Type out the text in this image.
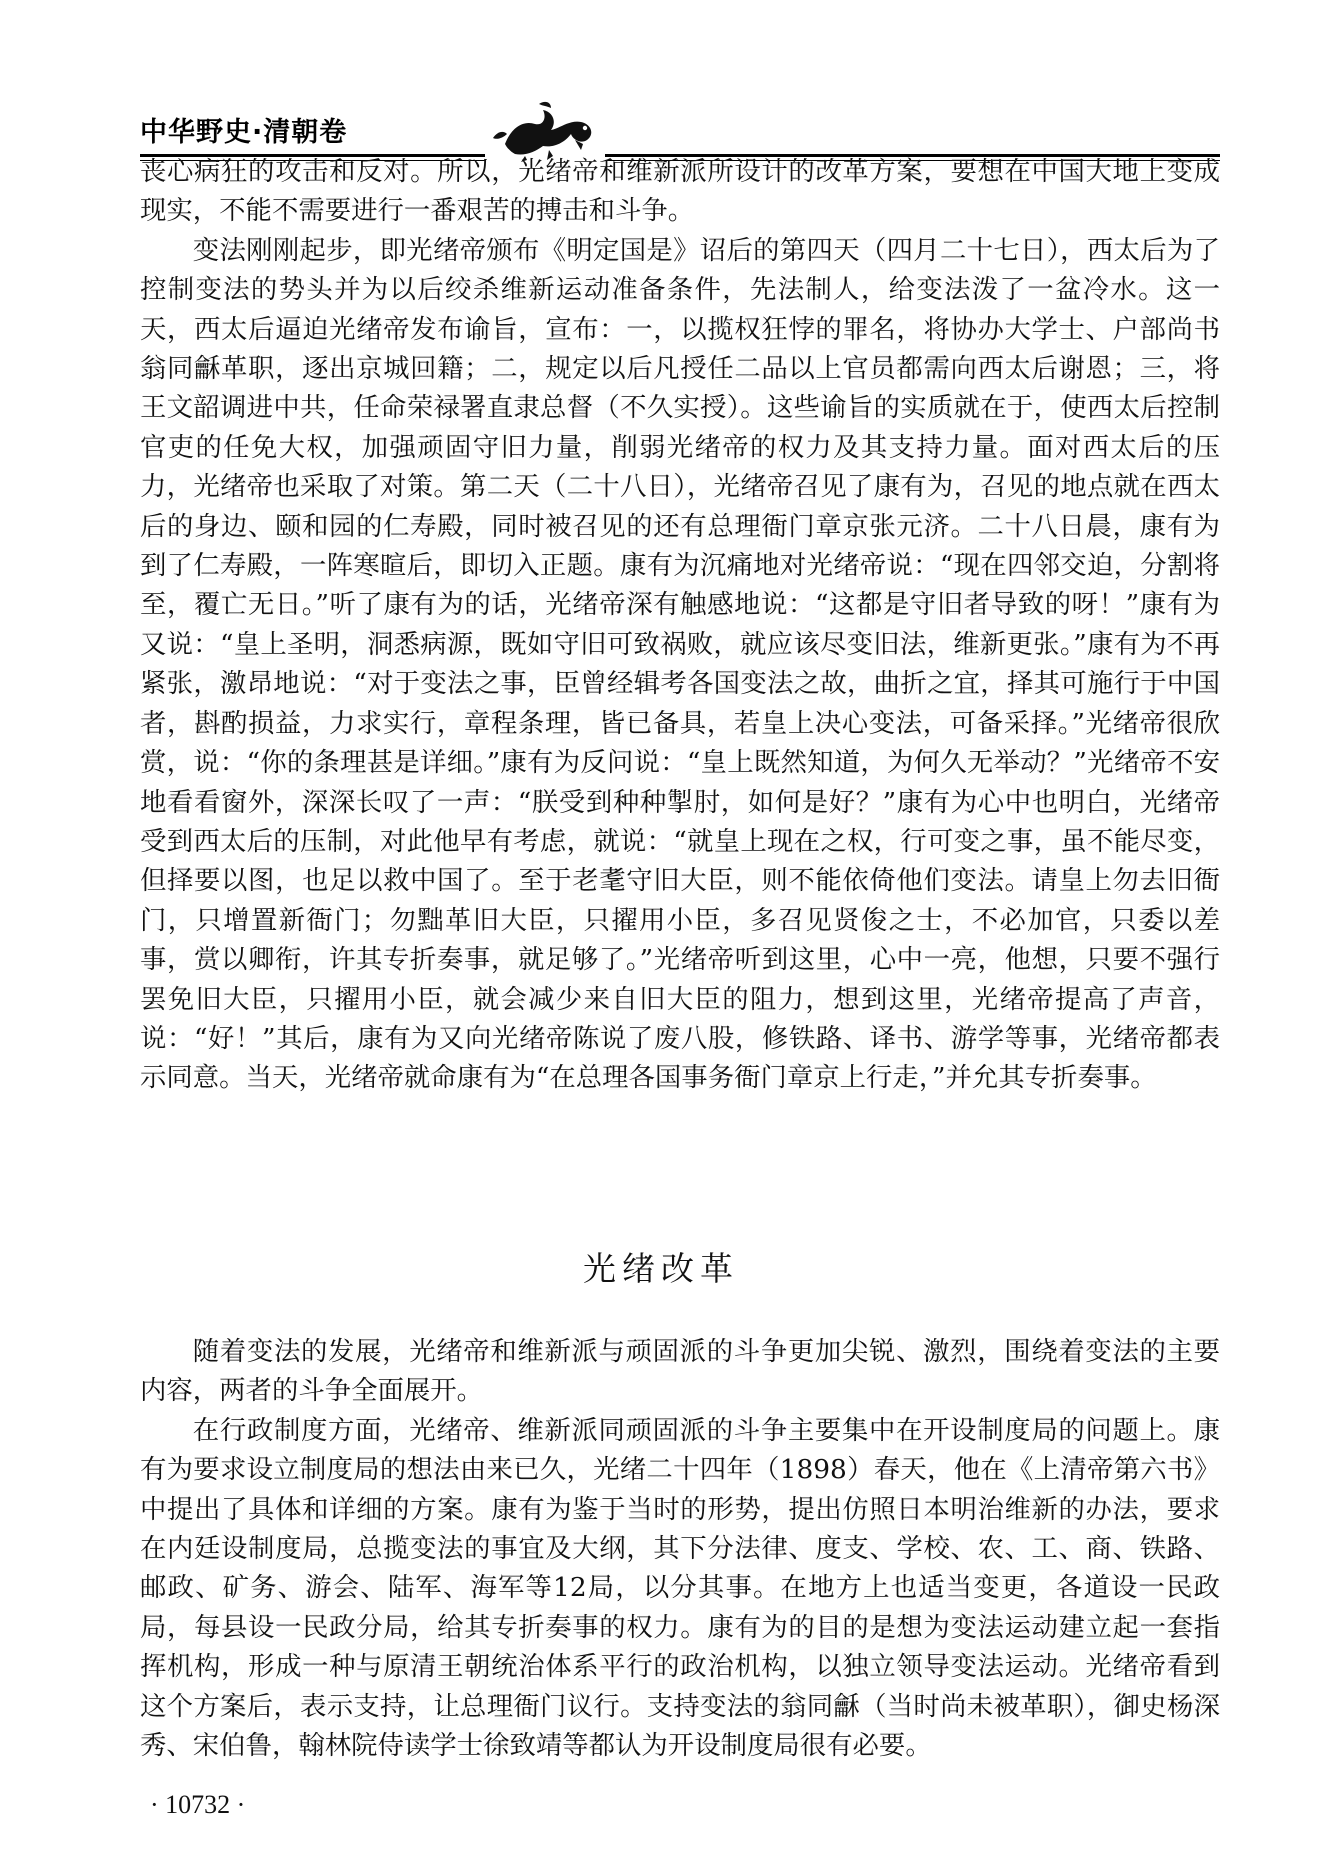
中华野史·清朝卷

丧心病狂的攻击和反对。所以，光绪帝和维新派所设计的改革方案，要想在中国大地上变成现实，不能不需要进行一番艰苦的搏击和斗争。

变法刚刚起步，即光绪帝颁布《明定国是》诏后的第四天（四月二十七日），西太后为了控制变法的势头并为以后绞杀维新运动准备条件，先法制人，给变法泼了一盆冷水。这一天，西太后逼迫光绪帝发布谕旨，宣布：一，以揽权狂悖的罪名，将协办大学士、户部尚书翁同龢革职，逐出京城回籍；二，规定以后凡授任二品以上官员都需向西太后谢恩；三，将王文韶调进中共，任命荣禄署直隶总督（不久实授）。这些谕旨的实质就在于，使西太后控制官吏的任免大权，加强顽固守旧力量，削弱光绪帝的权力及其支持力量。面对西太后的压力，光绪帝也采取了对策。第二天（二十八日），光绪帝召见了康有为，召见的地点就在西太后的身边、颐和园的仁寿殿，同时被召见的还有总理衙门章京张元济。二十八日晨，康有为到了仁寿殿，一阵寒暄后，即切入正题。康有为沉痛地对光绪帝说：“现在四邻交迫，分割将至，覆亡无日。”听了康有为的话，光绪帝深有触感地说：“这都是守旧者导致的呀！”康有为又说：“皇上圣明，洞悉病源，既如守旧可致祸败，就应该尽变旧法，维新更张。”康有为不再紧张，激昂地说：“对于变法之事，臣曾经辑考各国变法之故，曲折之宜，择其可施行于中国者，斟酌损益，力求实行，章程条理，皆已备具，若皇上决心变法，可备采择。”光绪帝很欣赏，说：“你的条理甚是详细。”康有为反问说：“皇上既然知道，为何久无举动？”光绪帝不安地看看窗外，深深长叹了一声：“朕受到种种掣肘，如何是好？”康有为心中也明白，光绪帝受到西太后的压制，对此他早有考虑，就说：“就皇上现在之权，行可变之事，虽不能尽变，但择要以图，也足以救中国了。至于老耄守旧大臣，则不能依倚他们变法。请皇上勿去旧衙门，只增置新衙门；勿黜革旧大臣，只擢用小臣，多召见贤俊之士，不必加官，只委以差事，赏以卿衔，许其专折奏事，就足够了。”光绪帝听到这里，心中一亮，他想，只要不强行罢免旧大臣，只擢用小臣，就会减少来自旧大臣的阻力，想到这里，光绪帝提高了声音，说：“好！”其后，康有为又向光绪帝陈说了废八股，修铁路、译书、游学等事，光绪帝都表示同意。当天，光绪帝就命康有为“在总理各国事务衙门章京上行走，”并允其专折奏事。

光绪改革

随着变法的发展，光绪帝和维新派与顽固派的斗争更加尖锐、激烈，围绕着变法的主要内容，两者的斗争全面展开。

在行政制度方面，光绪帝、维新派同顽固派的斗争主要集中在开设制度局的问题上。康有为要求设立制度局的想法由来已久，光绪二十四年（1898）春天，他在《上清帝第六书》中提出了具体和详细的方案。康有为鉴于当时的形势，提出仿照日本明治维新的办法，要求在内廷设制度局，总揽变法的事宜及大纲，其下分法律、度支、学校、农、工、商、铁路、邮政、矿务、游会、陆军、海军等12局，以分其事。在地方上也适当变更，各道设一民政局，每县设一民政分局，给其专折奏事的权力。康有为的目的是想为变法运动建立起一套指挥机构，形成一种与原清王朝统治体系平行的政治机构，以独立领导变法运动。光绪帝看到这个方案后，表示支持，让总理衙门议行。支持变法的翁同龢（当时尚未被革职），御史杨深秀、宋伯鲁，翰林院侍读学士徐致靖等都认为开设制度局很有必要。

· 10732 ·
